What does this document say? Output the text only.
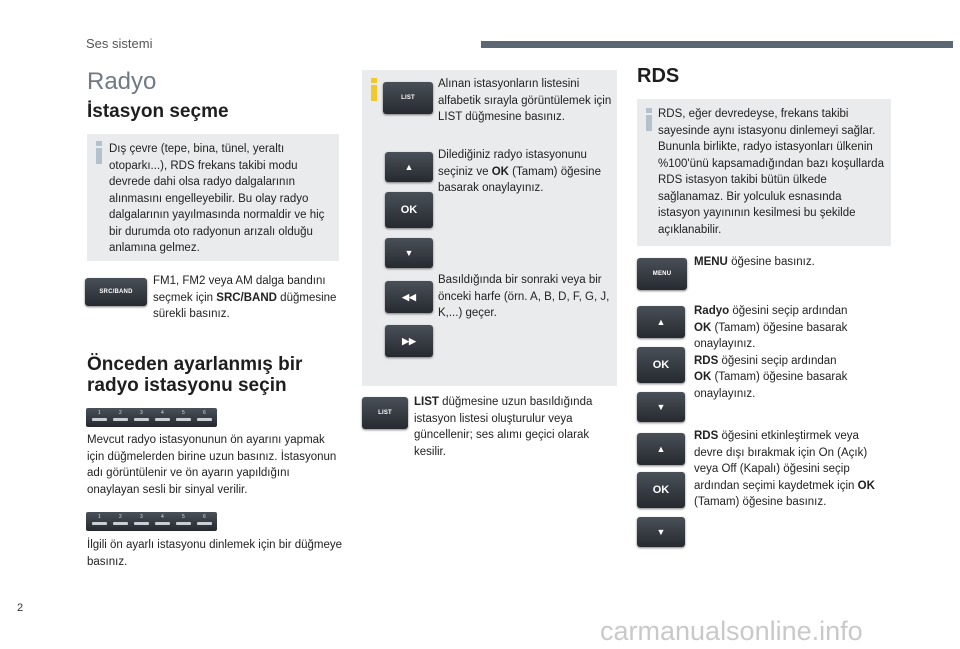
Ses sistemi
Radyo
İstasyon seçme
Dış çevre (tepe, bina, tünel, yeraltı otoparkı...), RDS frekans takibi modu devrede dahi olsa radyo dalgalarının alınmasını engelleyebilir. Bu olay radyo dalgalarının yayılmasında normaldir ve hiç bir durumda oto radyonun arızalı olduğu anlamına gelmez.
SRC/BAND
FM1, FM2 veya AM dalga bandını seçmek için SRC/BAND düğmesine sürekli basınız.
Önceden ayarlanmış bir
radyo istasyonu seçin
1	2	3	4	5	6
Mevcut radyo istasyonunun ön ayarını yapmak için düğmelerden birine uzun basınız. İstasyonun adı görüntülenir ve ön ayarın yapıldığını onaylayan sesli bir sinyal verilir.
1	2	3	4	5	6
İlgili ön ayarlı istasyonu dinlemek için bir düğmeye basınız.
LIST
Alınan istasyonların listesini alfabetik sırayla görüntülemek için LIST düğmesine basınız.
▲
OK
▼
Dilediğiniz radyo istasyonunu seçiniz ve OK (Tamam) öğesine basarak onaylayınız.
◀◀
▶▶
Basıldığında bir sonraki veya bir önceki harfe (örn. A, B, D, F, G, J, K,...) geçer.
LIST
LIST düğmesine uzun basıldığında istasyon listesi oluşturulur veya güncellenir; ses alımı geçici olarak kesilir.
RDS
RDS, eğer devredeyse, frekans takibi sayesinde aynı istasyonu dinlemeyi sağlar. Bununla birlikte, radyo istasyonları ülkenin %100'ünü kapsamadığından bazı koşullarda RDS istasyon takibi bütün ülkede sağlanamaz. Bir yolculuk esnasında istasyon yayınının kesilmesi bu şekilde açıklanabilir.
MENU
MENU öğesine basınız.
▲
OK
▼
Radyo öğesini seçip ardından
OK (Tamam) öğesine basarak onaylayınız.
RDS öğesini seçip ardından
OK (Tamam) öğesine basarak onaylayınız.
▲
OK
▼
RDS öğesini etkinleştirmek veya devre dışı bırakmak için On (Açık) veya Off (Kapalı) öğesini seçip ardından seçimi kaydetmek için OK (Tamam) öğesine basınız.
2
carmanualsonline.info
